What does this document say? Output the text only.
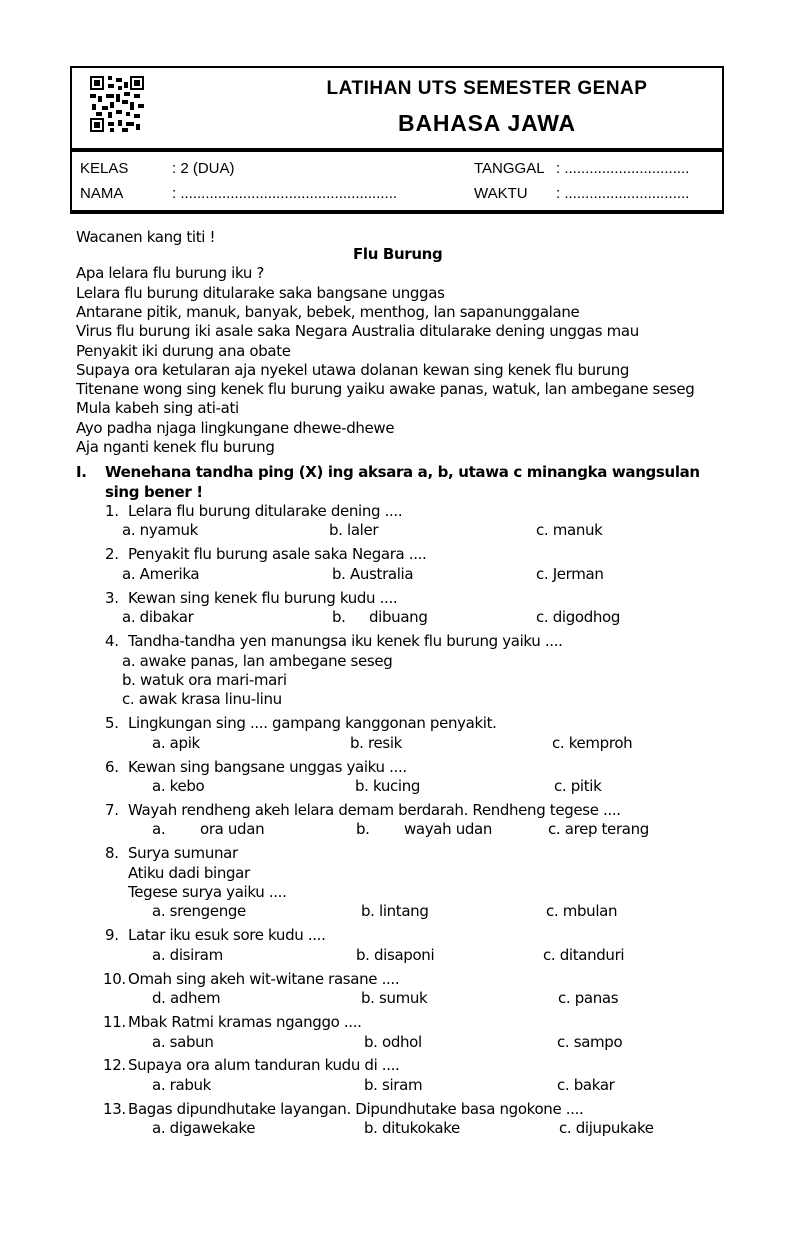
LATIHAN UTS SEMESTER GENAP
BAHASA JAWA
KELAS	: 2 (DUA)
NAMA	: ....................................................
TANGGAL : ..............................
WAKTU : ..............................
Wacanen kang titi !
Flu Burung
Apa lelara flu burung iku ?
Lelara flu burung ditularake saka bangsane unggas
Antarane pitik, manuk, banyak, bebek, menthog, lan sapanunggalane
Virus flu burung iki asale saka Negara Australia ditularake dening unggas mau
Penyakit iki durung ana obate
Supaya ora ketularan aja nyekel utawa dolanan kewan sing kenek flu burung
Titenane wong sing kenek flu burung yaiku awake panas, watuk, lan ambegane seseg
Mula kabeh sing ati-ati
Ayo padha njaga lingkungane dhewe-dhewe
Aja nganti kenek flu burung
I. Wenehana tandha ping (X) ing aksara a, b, utawa c minangka wangsulan
sing bener !
1. Lelara flu burung ditularake dening ....
a. nyamuk	b. laler	c. manuk
2. Penyakit flu burung asale saka Negara ....
a. Amerika	b. Australia	c. Jerman
3. Kewan sing kenek flu burung kudu ....
a. dibakar	b. dibuang	c. digodhog
4. Tandha-tandha yen manungsa iku kenek flu burung yaiku ....
a. awake panas, lan ambegane seseg
b. watuk ora mari-mari
c. awak krasa linu-linu
5. Lingkungan sing .... gampang kanggonan penyakit.
a. apik	b. resik	c. kemproh
6. Kewan sing bangsane unggas yaiku ....
a. kebo	b. kucing	c. pitik
7. Wayah rendheng akeh lelara demam berdarah. Rendheng tegese ....
a. ora udan	b. wayah udan	c. arep terang
8. Surya sumunar
Atiku dadi bingar
Tegese surya yaiku ....
a. srengenge	b. lintang	c. mbulan
9. Latar iku esuk sore kudu ....
a. disiram	b. disaponi	c. ditanduri
10. Omah sing akeh wit-witane rasane ....
d. adhem	b. sumuk	c. panas
11. Mbak Ratmi kramas nganggo ....
a. sabun	b. odhol	c. sampo
12. Supaya ora alum tanduran kudu di ....
a. rabuk	b. siram	c. bakar
13. Bagas dipundhutake layangan. Dipundhutake basa ngokone ....
a. digawekake	b. ditukokake	c. dijupukake
